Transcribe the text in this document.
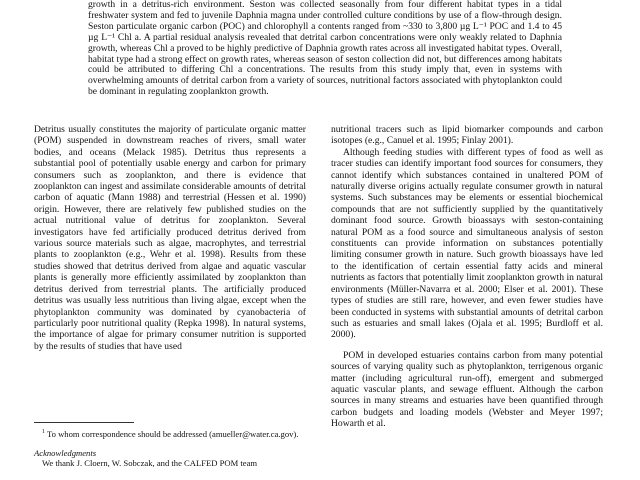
growth in a detritus-rich environment. Seston was collected seasonally from four different habitat types in a tidal freshwater system and fed to juvenile Daphnia magna under controlled culture conditions by use of a flow-through design. Seston particulate organic carbon (POC) and chlorophyll a contents ranged from ~330 to 3,800 µg L⁻¹ POC and 1.4 to 45 µg L⁻¹ Chl a. A partial residual analysis revealed that detrital carbon concentrations were only weakly related to Daphnia growth, whereas Chl a proved to be highly predictive of Daphnia growth rates across all investigated habitat types. Overall, habitat type had a strong effect on growth rates, whereas season of seston collection did not, but differences among habitats could be attributed to differing Chl a concentrations. The results from this study imply that, even in systems with overwhelming amounts of detrital carbon from a variety of sources, nutritional factors associated with phytoplankton could be dominant in regulating zooplankton growth.

Detritus usually constitutes the majority of particulate organic matter (POM) suspended in downstream reaches of rivers, small water bodies, and oceans (Melack 1985). Detritus thus represents a substantial pool of potentially usable energy and carbon for primary consumers such as zooplankton, and there is evidence that zooplankton can ingest and assimilate considerable amounts of detrital carbon of aquatic (Mann 1988) and terrestrial (Hessen et al. 1990) origin. However, there are relatively few published studies on the actual nutritional value of detritus for zooplankton. Several investigators have fed artificially produced detritus derived from various source materials such as algae, macrophytes, and terrestrial plants to zooplankton (e.g., Wehr et al. 1998). Results from these studies showed that detritus derived from algae and aquatic vascular plants is generally more efficiently assimilated by zooplankton than detritus derived from terrestrial plants. The artificially produced detritus was usually less nutritious than living algae, except when the phytoplankton community was dominated by cyanobacteria of particularly poor nutritional quality (Repka 1998). In natural systems, the importance of algae for primary consumer nutrition is supported by the results of studies that have used

nutritional tracers such as lipid biomarker compounds and carbon isotopes (e.g., Canuel et al. 1995; Finlay 2001).

Although feeding studies with different types of food as well as tracer studies can identify important food sources for consumers, they cannot identify which substances contained in unaltered POM of naturally diverse origins actually regulate consumer growth in natural systems. Such substances may be elements or essential biochemical compounds that are not sufficiently supplied by the quantitatively dominant food source. Growth bioassays with seston-containing natural POM as a food source and simultaneous analysis of seston constituents can provide information on substances potentially limiting consumer growth in nature. Such growth bioassays have led to the identification of certain essential fatty acids and mineral nutrients as factors that potentially limit zooplankton growth in natural environments (Müller-Navarra et al. 2000; Elser et al. 2001). These types of studies are still rare, however, and even fewer studies have been conducted in systems with substantial amounts of detrital carbon such as estuaries and small lakes (Ojala et al. 1995; Burdloff et al. 2000).

POM in developed estuaries contains carbon from many potential sources of varying quality such as phytoplankton, terrigenous organic matter (including agricultural run-off), emergent and submerged aquatic vascular plants, and sewage effluent. Although the carbon sources in many streams and estuaries have been quantified through carbon budgets and loading models (Webster and Meyer 1997; Howarth et al.

$^1$ To whom correspondence should be addressed (amueller@water.ca.gov).

Acknowledgments

We thank J. Cloern, W. Sobczak, and the CALFED POM team
